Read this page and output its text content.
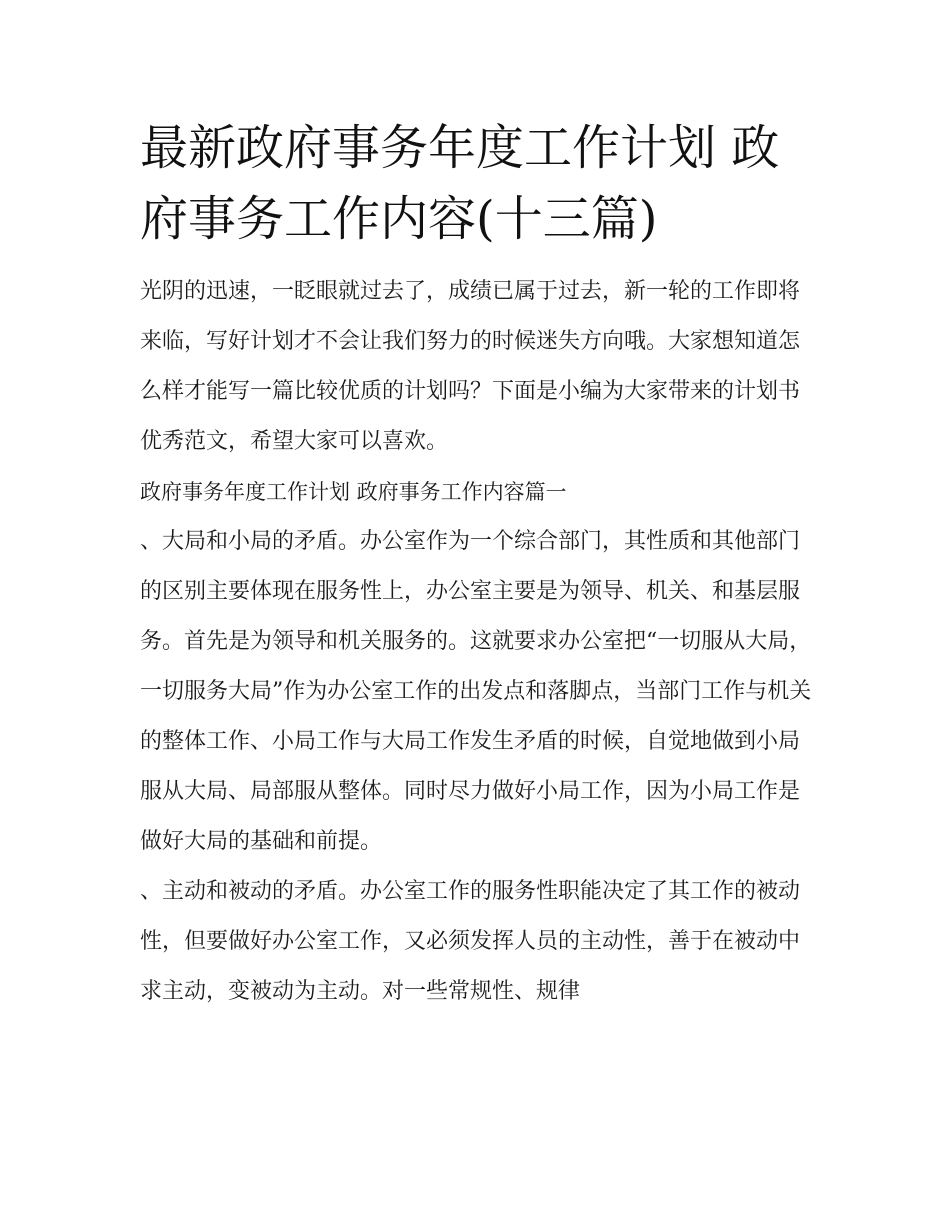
最新政府事务年度工作计划 政府事务工作内容(十三篇)

光阴的迅速，一眨眼就过去了，成绩已属于过去，新一轮的工作即将来临，写好计划才不会让我们努力的时候迷失方向哦。大家想知道怎么样才能写一篇比较优质的计划吗？下面是小编为大家带来的计划书优秀范文，希望大家可以喜欢。

政府事务年度工作计划 政府事务工作内容篇一

、大局和小局的矛盾。办公室作为一个综合部门，其性质和其他部门的区别主要体现在服务性上，办公室主要是为领导、机关、和基层服务。首先是为领导和机关服务的。这就要求办公室把“一切服从大局，一切服务大局”作为办公室工作的出发点和落脚点，当部门工作与机关的整体工作、小局工作与大局工作发生矛盾的时候，自觉地做到小局服从大局、局部服从整体。同时尽力做好小局工作，因为小局工作是做好大局的基础和前提。

、主动和被动的矛盾。办公室工作的服务性职能决定了其工作的被动性，但要做好办公室工作，又必须发挥人员的主动性，善于在被动中求主动，变被动为主动。对一些常规性、规律
